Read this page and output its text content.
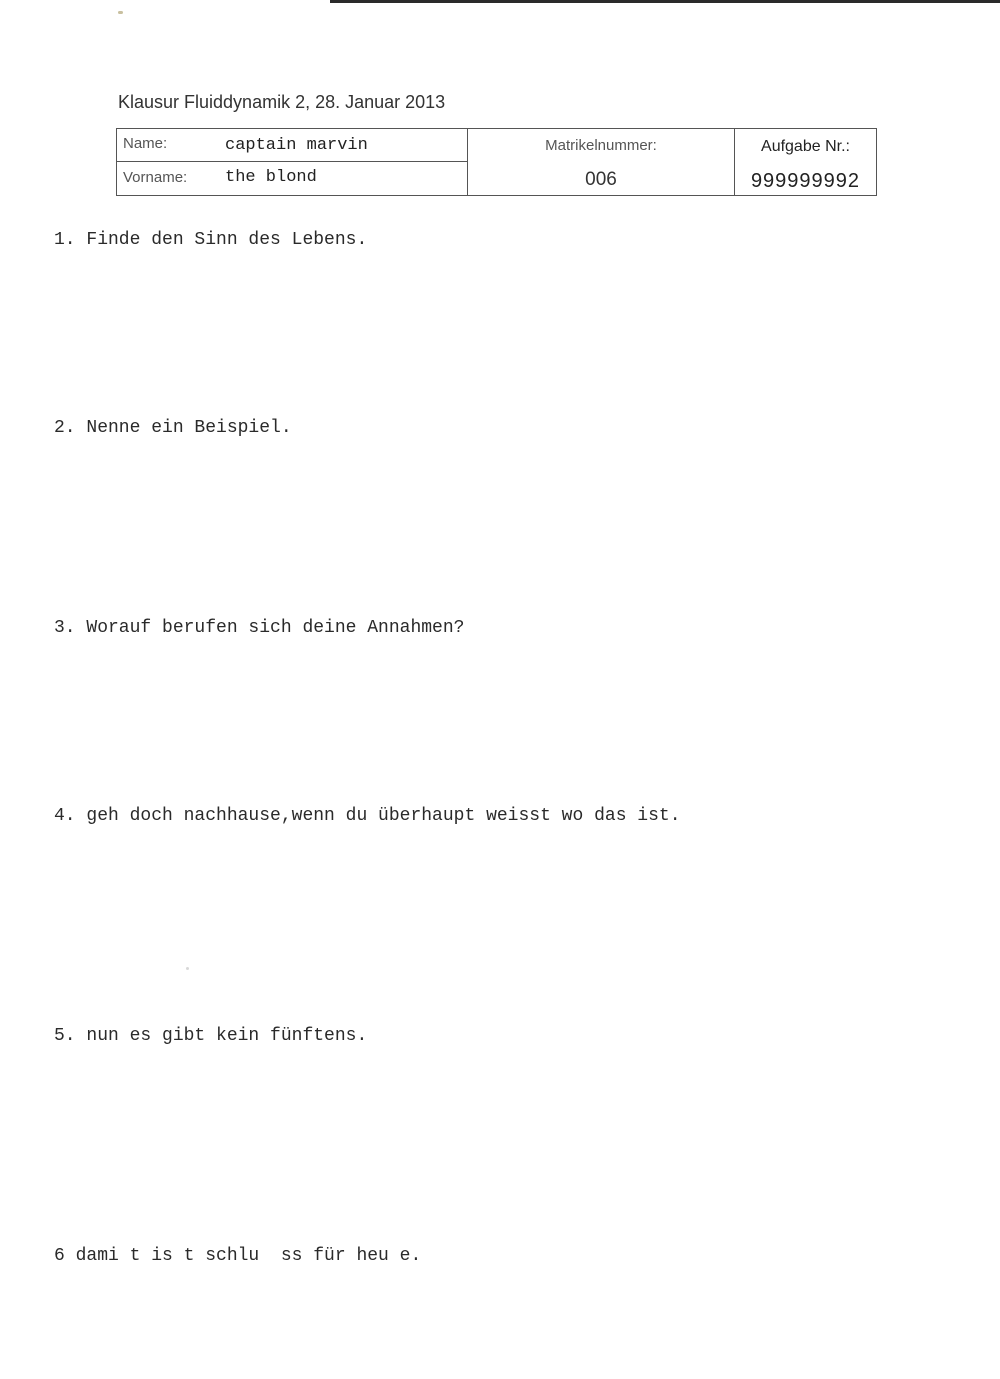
Klausur Fluiddynamik 2, 28. Januar 2013
Name:	captain marvin	Matrikelnummer:
006

Aufgabe Nr.:
999999992

Vorname: the blond
1. Finde den Sinn des Lebens.
2. Nenne ein Beispiel.
3. Worauf berufen sich deine Annahmen?
4. geh doch nachhause,wenn du überhaupt weisst wo das ist.
5. nun es gibt kein fünftens.
6 dami t is t schlu  ss für heu e.
